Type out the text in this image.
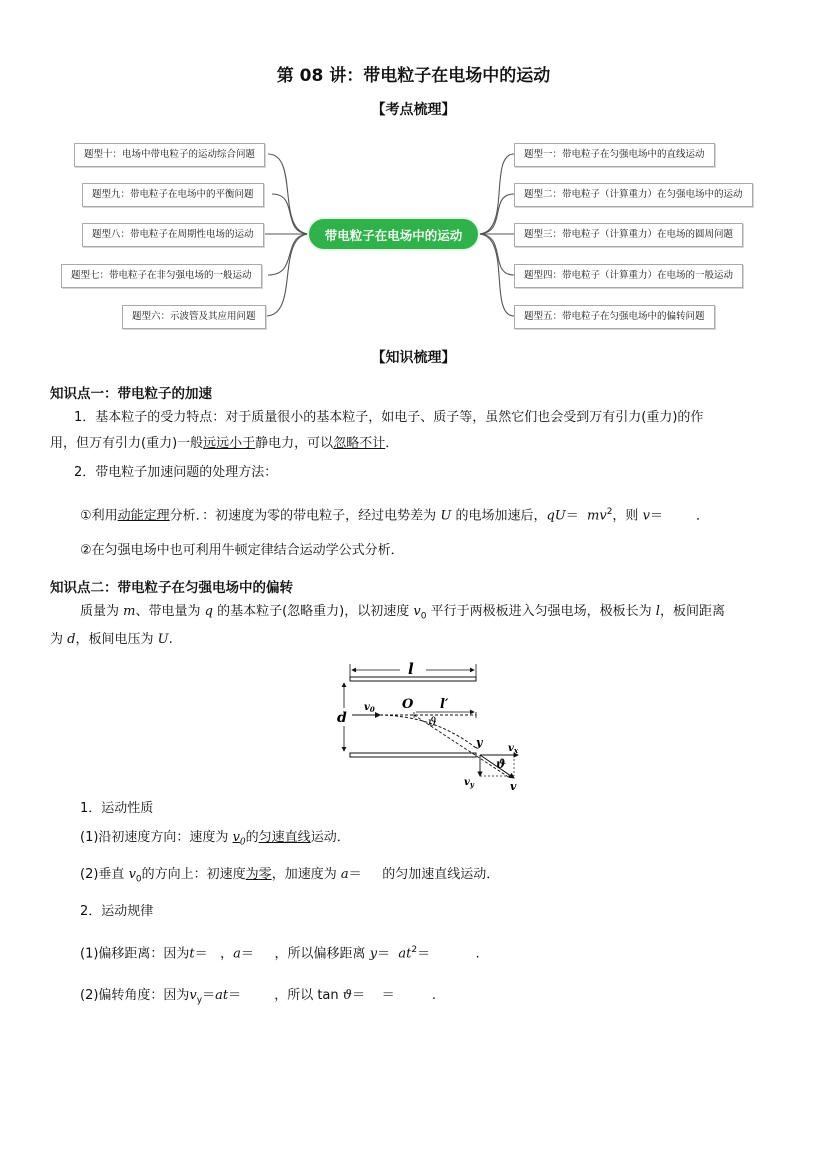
第 08 讲：带电粒子在电场中的运动
【考点梳理】
题型十：电场中带电粒子的运动综合问题
题型九：带电粒子在电场中的平衡问题
题型八：带电粒子在周期性电场的运动
题型七：带电粒子在非匀强电场的一般运动
题型六：示波管及其应用问题
带电粒子在电场中的运动
题型一：带电粒子在匀强电场中的直线运动
题型二：带电粒子（计算重力）在匀强电场中的运动
题型三：带电粒子（计算重力）在电场的圆周问题
题型四：带电粒子（计算重力）在电场的一般运动
题型五：带电粒子在匀强电场中的偏转问题
【知识梳理】
知识点一：带电粒子的加速
1．基本粒子的受力特点：对于质量很小的基本粒子，如电子、质子等，虽然它们也会受到万有引力(重力)的作
用，但万有引力(重力)一般远远小于静电力，可以忽略不计．
2．带电粒子加速问题的处理方法：
①利用动能定理分析．：初速度为零的带电粒子，经过电势差为 U 的电场加速后，$qU= mv^2$，则 v＝	．
②在匀强电场中也可利用牛顿定律结合运动学公式分析．
知识点二：带电粒子在匀强电场中的偏转
质量为 m、带电量为 q 的基本粒子(忽略重力)，以初速度 $v_0$ 平行于两极板进入匀强电场，极板长为 l，板间距离
为 d，板间电压为 U.
l
d
$v_0$ O l′
ϑ
y	$v_x$
$v_y$
ϑ
v
1．运动性质
(1)沿初速度方向：速度为 $v_0$的匀速直线运动．
(2)垂直 $v_0$的方向上：初速度为零，加速度为 a＝ 的匀加速直线运动．
2．运动规律
(1)偏移距离：因为t＝ ，a＝ ，所以偏移距离 $y= at^2=$	.
(2)偏转角度：因为$v_y=at=$	，所以 tan ϑ＝ ＝	.
